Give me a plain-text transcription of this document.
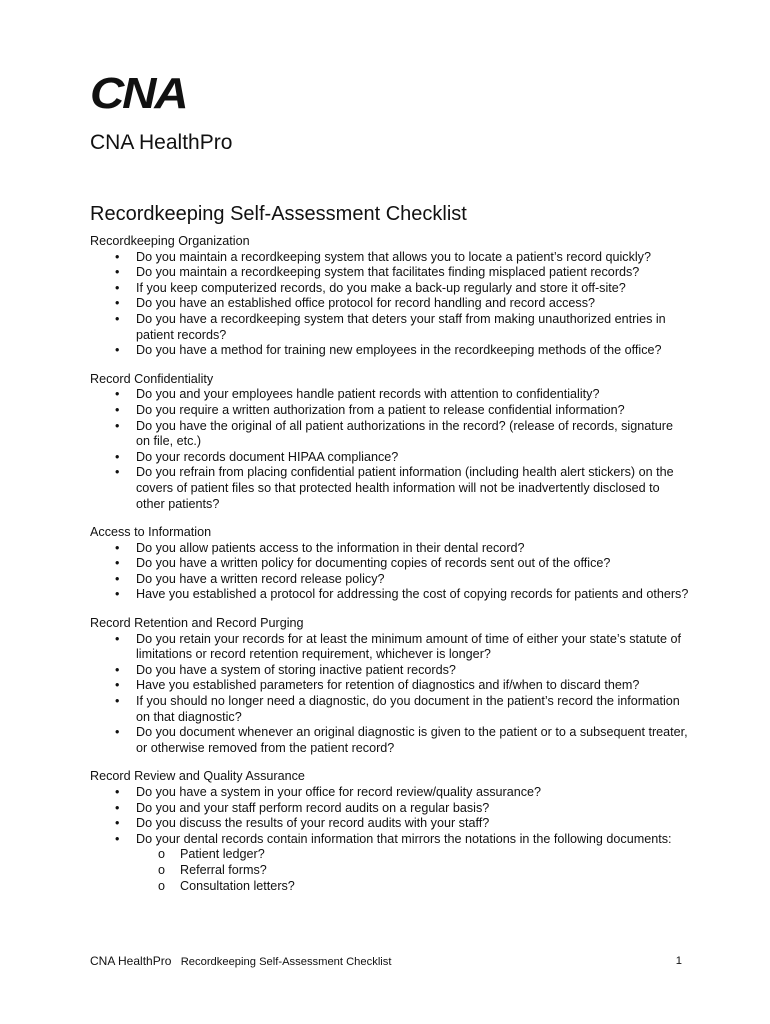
CNA
CNA HealthPro
Recordkeeping Self-Assessment Checklist
Recordkeeping Organization
• Do you maintain a recordkeeping system that allows you to locate a patient’s record quickly?
• Do you maintain a recordkeeping system that facilitates finding misplaced patient records?
• If you keep computerized records, do you make a back-up regularly and store it off-site?
• Do you have an established office protocol for record handling and record access?
• Do you have a recordkeeping system that deters your staff from making unauthorized entries in patient records?
• Do you have a method for training new employees in the recordkeeping methods of the office?
Record Confidentiality
• Do you and your employees handle patient records with attention to confidentiality?
• Do you require a written authorization from a patient to release confidential information?
• Do you have the original of all patient authorizations in the record? (release of records, signature on file, etc.)
• Do your records document HIPAA compliance?
• Do you refrain from placing confidential patient information (including health alert stickers) on the covers of patient files so that protected health information will not be inadvertently disclosed to other patients?
Access to Information
• Do you allow patients access to the information in their dental record?
• Do you have a written policy for documenting copies of records sent out of the office?
• Do you have a written record release policy?
• Have you established a protocol for addressing the cost of copying records for patients and others?
Record Retention and Record Purging
• Do you retain your records for at least the minimum amount of time of either your state’s statute of limitations or record retention requirement, whichever is longer?
• Do you have a system of storing inactive patient records?
• Have you established parameters for retention of diagnostics and if/when to discard them?
• If you should no longer need a diagnostic, do you document in the patient’s record the information on that diagnostic?
• Do you document whenever an original diagnostic is given to the patient or to a subsequent treater, or otherwise removed from the patient record?
Record Review and Quality Assurance
• Do you have a system in your office for record review/quality assurance?
• Do you and your staff perform record audits on a regular basis?
• Do you discuss the results of your record audits with your staff?
• Do your dental records contain information that mirrors the notations in the following documents:
o Patient ledger?
o Referral forms?
o Consultation letters?
CNA HealthPro Recordkeeping Self-Assessment Checklist	1
